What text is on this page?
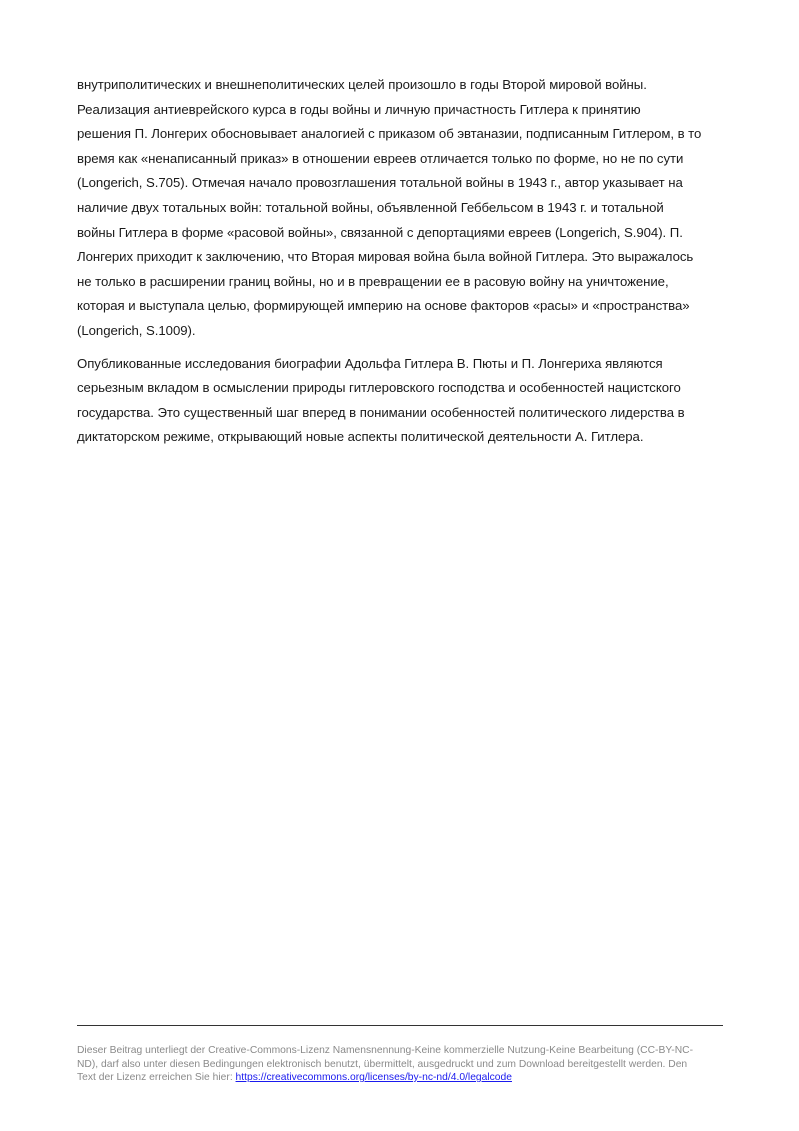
внутриполитических и внешнеполитических целей произошло в годы Второй мировой войны.
Реализация антиеврейского курса в годы войны и личную причастность Гитлера к принятию
решения П. Лонгерих обосновывает аналогией с приказом об эвтаназии, подписанным Гитлером, в то
время как «ненаписанный приказ» в отношении евреев отличается только по форме, но не по сути
(Longerich, S.705). Отмечая начало провозглашения тотальной войны в 1943 г., автор указывает на
наличие двух тотальных войн: тотальной войны, объявленной Геббельсом в 1943 г. и тотальной
войны Гитлера в форме «расовой войны», связанной с депортациями евреев (Longerich, S.904). П.
Лонгерих приходит к заключению, что Вторая мировая война была войной Гитлера. Это выражалось
не только в расширении границ войны, но и в превращении ее в расовую войну на уничтожение,
которая и выступала целью, формирующей империю на основе факторов «расы» и «пространства»
(Longerich, S.1009).

Опубликованные исследования биографии Адольфа Гитлера В. Пюты и П. Лонгериха являются
серьезным вкладом в осмыслении природы гитлеровского господства и особенностей нацистского
государства. Это существенный шаг вперед в понимании особенностей политического лидерства в
диктаторском режиме, открывающий новые аспекты политической деятельности А. Гитлера.

Dieser Beitrag unterliegt der Creative-Commons-Lizenz Namensnennung-Keine kommerzielle Nutzung-Keine Bearbeitung (CC-BY-NC-
ND), darf also unter diesen Bedingungen elektronisch benutzt, übermittelt, ausgedruckt und zum Download bereitgestellt werden. Den
Text der Lizenz erreichen Sie hier: https://creativecommons.org/licenses/by-nc-nd/4.0/legalcode
